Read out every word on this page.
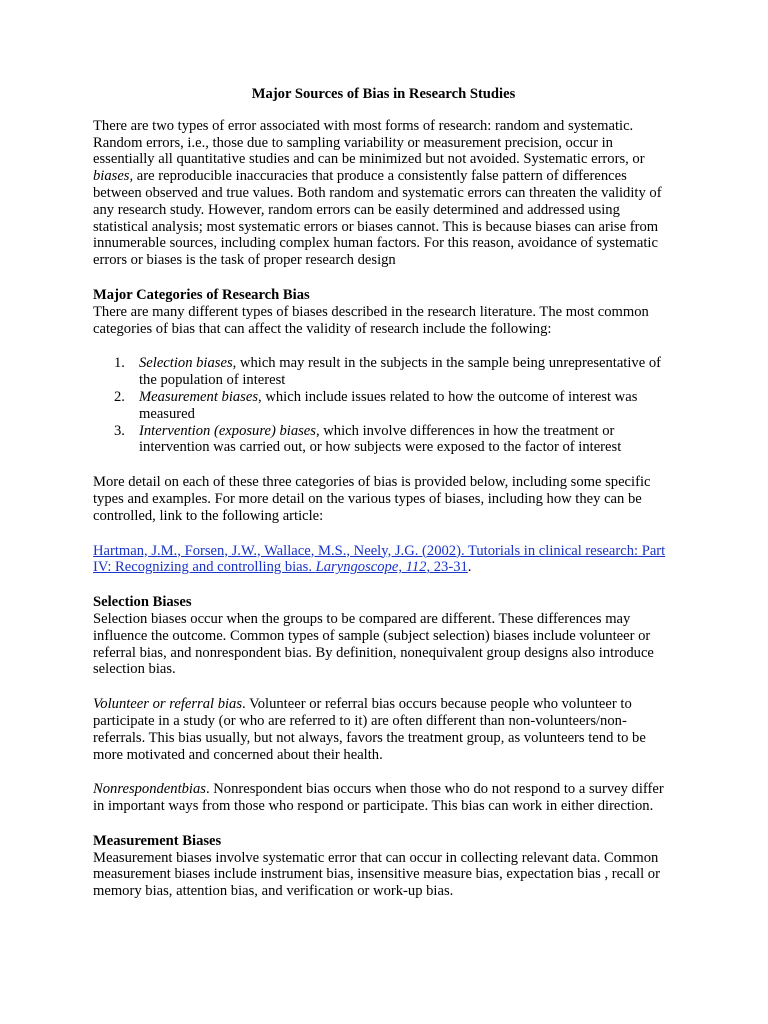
Major Sources of Bias in Research Studies

There are two types of error associated with most forms of research: random and systematic. Random errors, i.e., those due to sampling variability or measurement precision, occur in essentially all quantitative studies and can be minimized but not avoided. Systematic errors, or biases, are reproducible inaccuracies that produce a consistently false pattern of differences between observed and true values. Both random and systematic errors can threaten the validity of any research study. However, random errors can be easily determined and addressed using statistical analysis; most systematic errors or biases cannot. This is because biases can arise from innumerable sources, including complex human factors. For this reason, avoidance of systematic errors or biases is the task of proper research design

Major Categories of Research Bias

There are many different types of biases described in the research literature. The most common categories of bias that can affect the validity of research include the following:

1. Selection biases, which may result in the subjects in the sample being unrepresentative of the population of interest
2. Measurement biases, which include issues related to how the outcome of interest was measured
3. Intervention (exposure) biases, which involve differences in how the treatment or intervention was carried out, or how subjects were exposed to the factor of interest

More detail on each of these three categories of bias is provided below, including some specific types and examples. For more detail on the various types of biases, including how they can be controlled, link to the following article:

Hartman, J.M., Forsen, J.W., Wallace, M.S., Neely, J.G. (2002). Tutorials in clinical research: Part IV: Recognizing and controlling bias. Laryngoscope, 112, 23-31.

Selection Biases

Selection biases occur when the groups to be compared are different. These differences may influence the outcome. Common types of sample (subject selection) biases include volunteer or referral bias, and nonrespondent bias. By definition, nonequivalent group designs also introduce selection bias.

Volunteer or referral bias. Volunteer or referral bias occurs because people who volunteer to participate in a study (or who are referred to it) are often different than non-volunteers/non-referrals. This bias usually, but not always, favors the treatment group, as volunteers tend to be more motivated and concerned about their health.

Nonrespondentbias. Nonrespondent bias occurs when those who do not respond to a survey differ in important ways from those who respond or participate. This bias can work in either direction.

Measurement Biases

Measurement biases involve systematic error that can occur in collecting relevant data. Common measurement biases include instrument bias, insensitive measure bias, expectation bias , recall or memory bias, attention bias, and verification or work-up bias.
